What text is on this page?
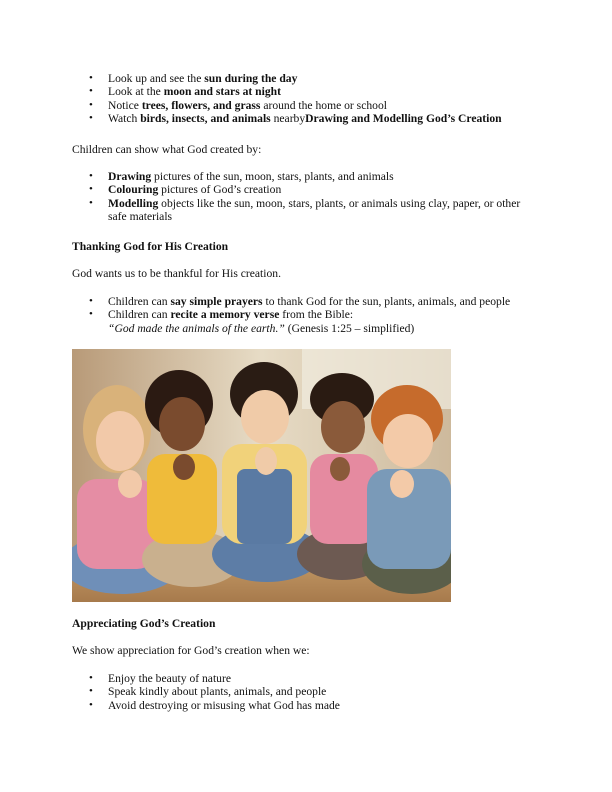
• Look up and see the sun during the day
• Look at the moon and stars at night
• Notice trees, flowers, and grass around the home or school
• Watch birds, insects, and animals nearbyDrawing and Modelling God’s Creation
Children can show what God created by:
• Drawing pictures of the sun, moon, stars, plants, and animals
• Colouring pictures of God’s creation
• Modelling objects like the sun, moon, stars, plants, or animals using clay, paper, or other
safe materials
Thanking God for His Creation
God wants us to be thankful for His creation.
• Children can say simple prayers to thank God for the sun, plants, animals, and people
• Children can recite a memory verse from the Bible:
“God made the animals of the earth.” (Genesis 1:25 – simplified)
Appreciating God’s Creation
We show appreciation for God’s creation when we:
• Enjoy the beauty of nature
• Speak kindly about plants, animals, and people
• Avoid destroying or misusing what God has made
